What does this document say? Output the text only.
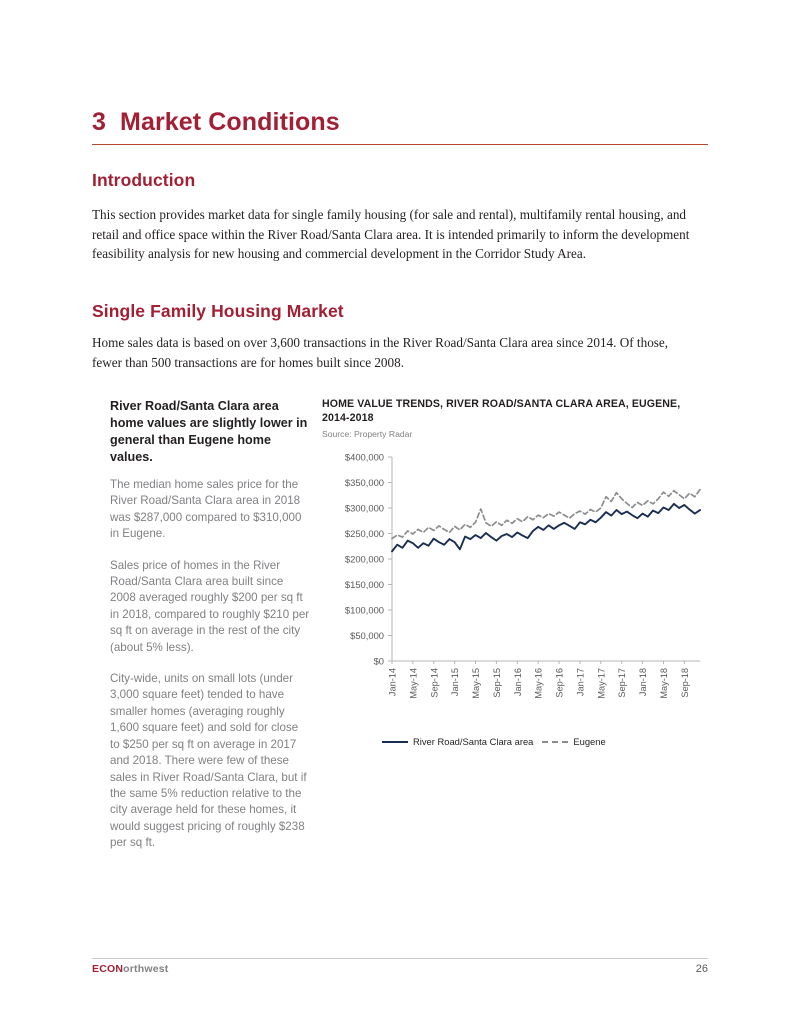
3 Market Conditions
Introduction
This section provides market data for single family housing (for sale and rental), multifamily rental housing, and retail and office space within the River Road/Santa Clara area. It is intended primarily to inform the development feasibility analysis for new housing and commercial development in the Corridor Study Area.
Single Family Housing Market
Home sales data is based on over 3,600 transactions in the River Road/Santa Clara area since 2014. Of those, fewer than 500 transactions are for homes built since 2008.
River Road/Santa Clara area home values are slightly lower in general than Eugene home values.

The median home sales price for the River Road/Santa Clara area in 2018 was $287,000 compared to $310,000 in Eugene.

Sales price of homes in the River Road/Santa Clara area built since 2008 averaged roughly $200 per sq ft in 2018, compared to roughly $210 per sq ft on average in the rest of the city (about 5% less).

City-wide, units on small lots (under 3,000 square feet) tended to have smaller homes (averaging roughly 1,600 square feet) and sold for close to $250 per sq ft on average in 2017 and 2018. There were few of these sales in River Road/Santa Clara, but if the same 5% reduction relative to the city average held for these homes, it would suggest pricing of roughly $238 per sq ft.

HOME VALUE TRENDS, RIVER ROAD/SANTA CLARA AREA, EUGENE, 2014-2018
Source: Property Radar
$0
$50,000
$100,000
$150,000
$200,000
$250,000
$300,000
$350,000
$400,000
Jan-14 May-14 Sep-14 Jan-15 May-15 Sep-15 Jan-16 May-16 Sep-16 Jan-17 May-17 Sep-17 Jan-18 May-18 Sep-18
River Road/Santa Clara area	Eugene
ECONorthwest	26
